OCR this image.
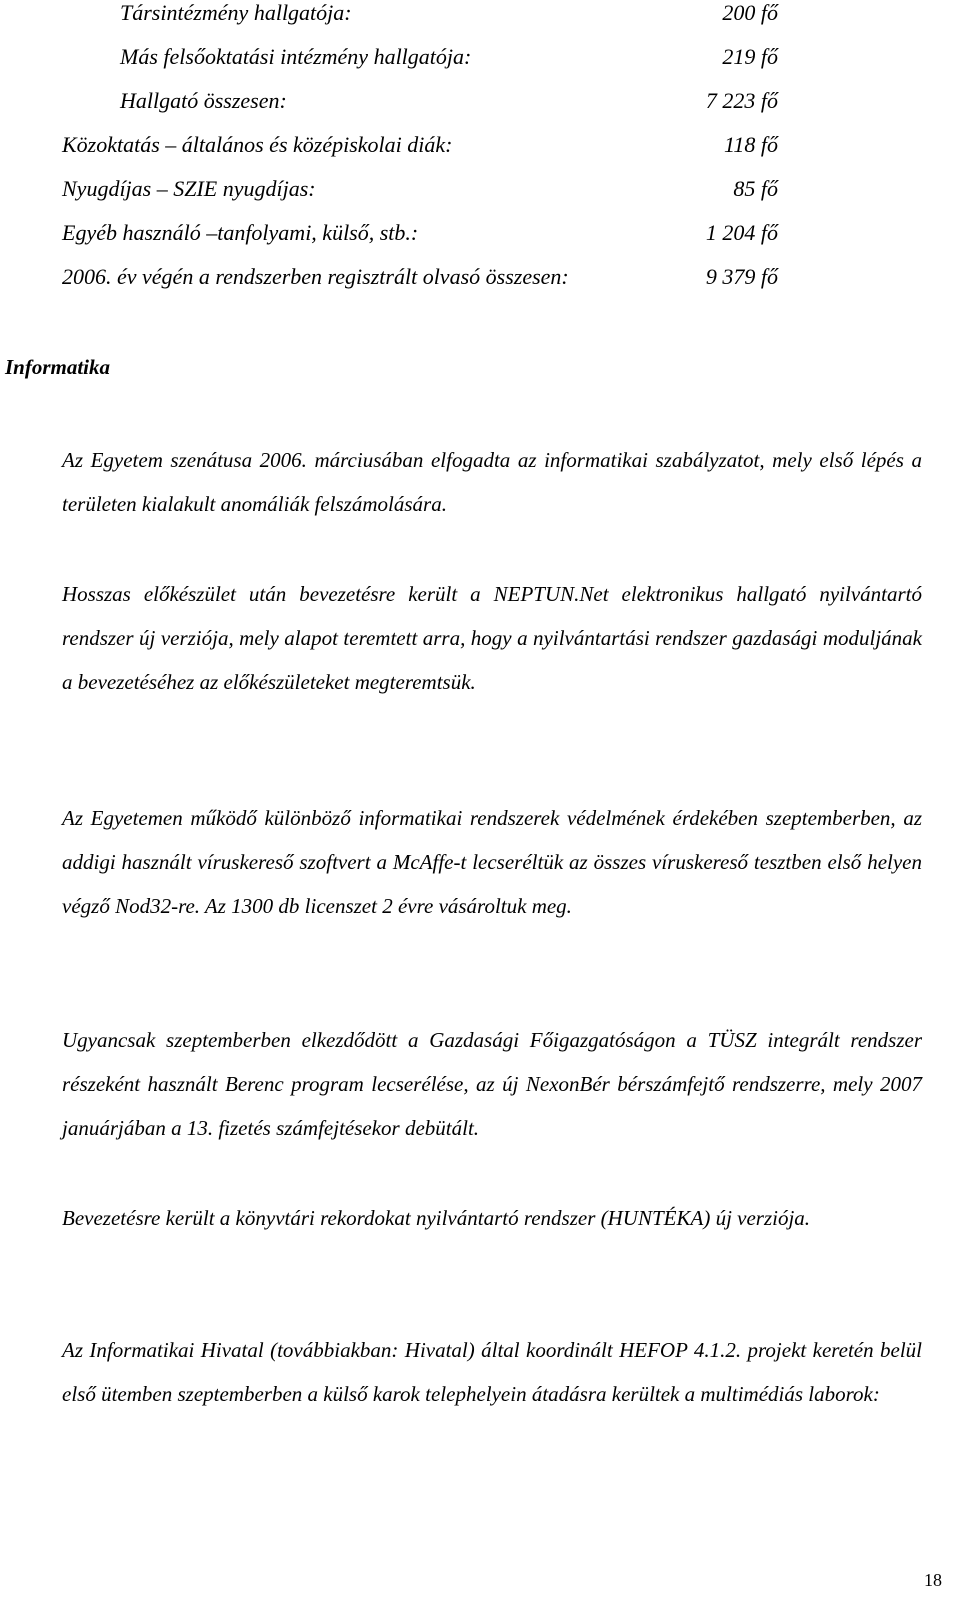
Társintézmény hallgatója:	200 fő
Más felsőoktatási intézmény hallgatója:	219 fő
Hallgató összesen:	7 223 fő
Közoktatás – általános és középiskolai diák:	118 fő
Nyugdíjas – SZIE nyugdíjas:	85 fő
Egyéb használó –tanfolyami, külső, stb.:	1 204 fő
2006. év végén a rendszerben regisztrált olvasó összesen:	9 379 fő
Informatika

Az Egyetem szenátusa 2006. márciusában elfogadta az informatikai szabályzatot, mely első lépés a területen kialakult anomáliák felszámolására.

Hosszas előkészület után bevezetésre került a NEPTUN.Net elektronikus hallgató nyilvántartó rendszer új verziója, mely alapot teremtett arra, hogy a nyilvántartási rendszer gazdasági moduljának a bevezetéséhez az előkészületeket megteremtsük.

Az Egyetemen működő különböző informatikai rendszerek védelmének érdekében szeptemberben, az addigi használt víruskereső szoftvert a McAffe-t lecseréltük az összes víruskereső tesztben első helyen végző Nod32-re. Az 1300 db licenszet 2 évre vásároltuk meg.

Ugyancsak szeptemberben elkezdődött a Gazdasági Főigazgatóságon a TÜSZ integrált rendszer részeként használt Berenc program lecserélése, az új NexonBér bérszámfejtő rendszerre, mely 2007 januárjában a 13. fizetés számfejtésekor debütált.

Bevezetésre került a könyvtári rekordokat nyilvántartó rendszer (HUNTÉKA) új verziója.

Az Informatikai Hivatal (továbbiakban: Hivatal) által koordinált HEFOP 4.1.2. projekt keretén belül első ütemben szeptemberben a külső karok telephelyein átadásra kerültek a multimédiás laborok:

18
